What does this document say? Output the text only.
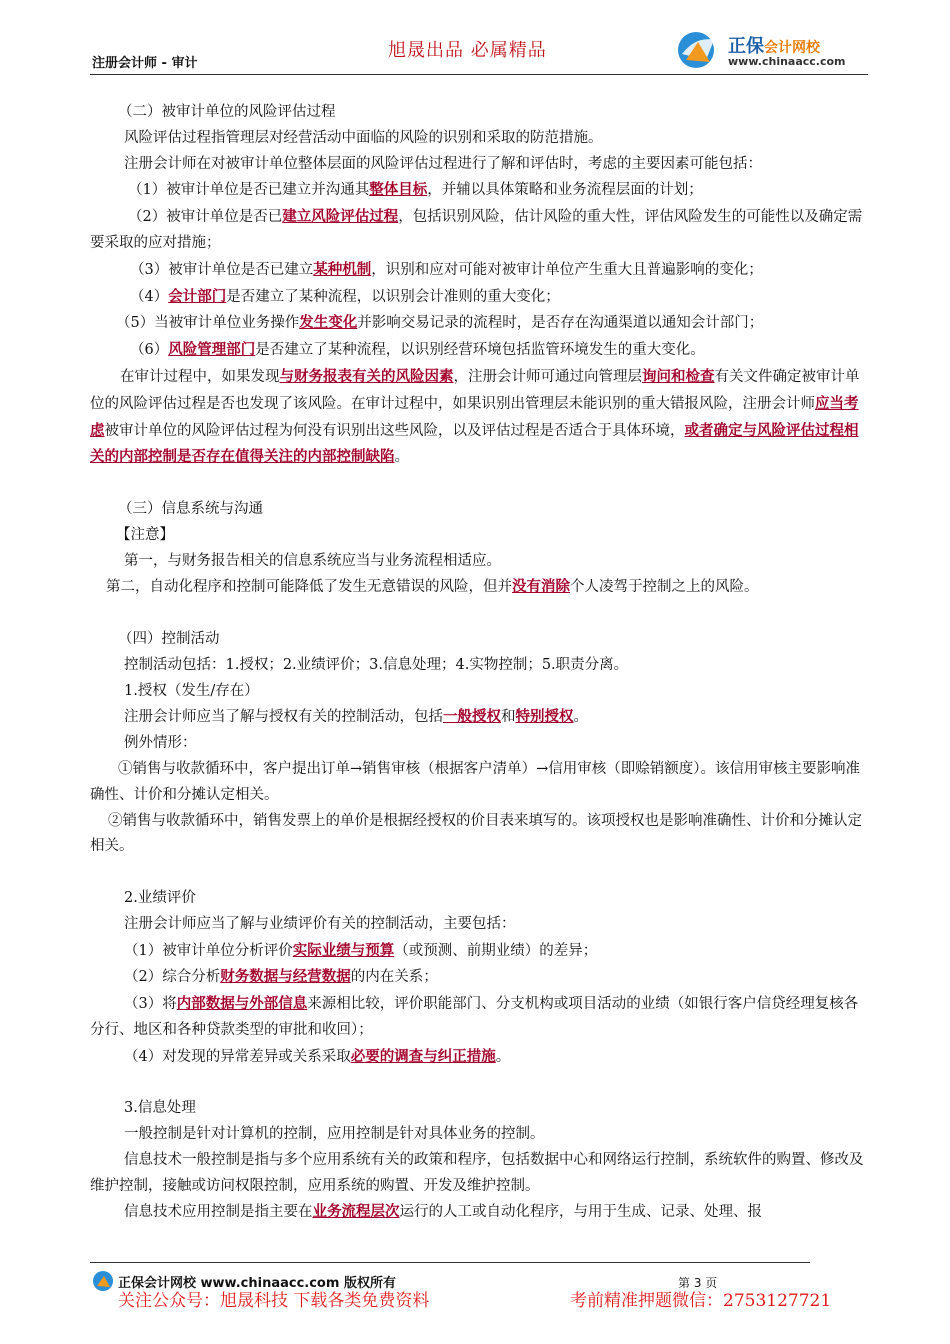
注册会计师 - 审计
旭晟出品 必属精品	正保会计网校
www.chinaacc.com

（二）被审计单位的风险评估过程

风险评估过程指管理层对经营活动中面临的风险的识别和采取的防范措施。

注册会计师在对被审计单位整体层面的风险评估过程进行了解和评估时，考虑的主要因素可能包括：

（1）被审计单位是否已建立并沟通其整体目标，并辅以具体策略和业务流程层面的计划；

（2）被审计单位是否已建立风险评估过程，包括识别风险，估计风险的重大性，评估风险发生的可能性以及确定需要采取的应对措施；

（3）被审计单位是否已建立某种机制，识别和应对可能对被审计单位产生重大且普遍影响的变化；

（4）会计部门是否建立了某种流程，以识别会计准则的重大变化；

（5）当被审计单位业务操作发生变化并影响交易记录的流程时，是否存在沟通渠道以通知会计部门；

（6）风险管理部门是否建立了某种流程，以识别经营环境包括监管环境发生的重大变化。

在审计过程中，如果发现与财务报表有关的风险因素，注册会计师可通过向管理层询问和检查有关文件确定被审计单位的风险评估过程是否也发现了该风险。在审计过程中，如果识别出管理层未能识别的重大错报风险，注册会计师应当考虑被审计单位的风险评估过程为何没有识别出这些风险，以及评估过程是否适合于具体环境，或者确定与风险评估过程相关的内部控制是否存在值得关注的内部控制缺陷。

（三）信息系统与沟通

【注意】

第一，与财务报告相关的信息系统应当与业务流程相适应。

第二，自动化程序和控制可能降低了发生无意错误的风险，但并没有消除个人凌驾于控制之上的风险。

（四）控制活动

控制活动包括：1.授权；2.业绩评价；3.信息处理；4.实物控制；5.职责分离。

1.授权（发生/存在）

注册会计师应当了解与授权有关的控制活动，包括一般授权和特别授权。

例外情形：

①销售与收款循环中，客户提出订单→销售审核（根据客户清单）→信用审核（即赊销额度）。该信用审核主要影响准确性、计价和分摊认定相关。

②销售与收款循环中，销售发票上的单价是根据经授权的价目表来填写的。该项授权也是影响准确性、计价和分摊认定相关。

2.业绩评价

注册会计师应当了解与业绩评价有关的控制活动，主要包括：

（1）被审计单位分析评价实际业绩与预算（或预测、前期业绩）的差异；

（2）综合分析财务数据与经营数据的内在关系；

（3）将内部数据与外部信息来源相比较，评价职能部门、分支机构或项目活动的业绩（如银行客户信贷经理复核各分行、地区和各种贷款类型的审批和收回）；

（4）对发现的异常差异或关系采取必要的调查与纠正措施。

3.信息处理

一般控制是针对计算机的控制，应用控制是针对具体业务的控制。

信息技术一般控制是指与多个应用系统有关的政策和程序，包括数据中心和网络运行控制，系统软件的购置、修改及维护控制，接触或访问权限控制，应用系统的购置、开发及维护控制。

信息技术应用控制是指主要在业务流程层次运行的人工或自动化程序，与用于生成、记录、处理、报

正保会计网校 www.chinaacc.com 版权所有	第 3 页
关注公众号：旭晟科技 下载各类免费资料	考前精准押题微信：2753127721
